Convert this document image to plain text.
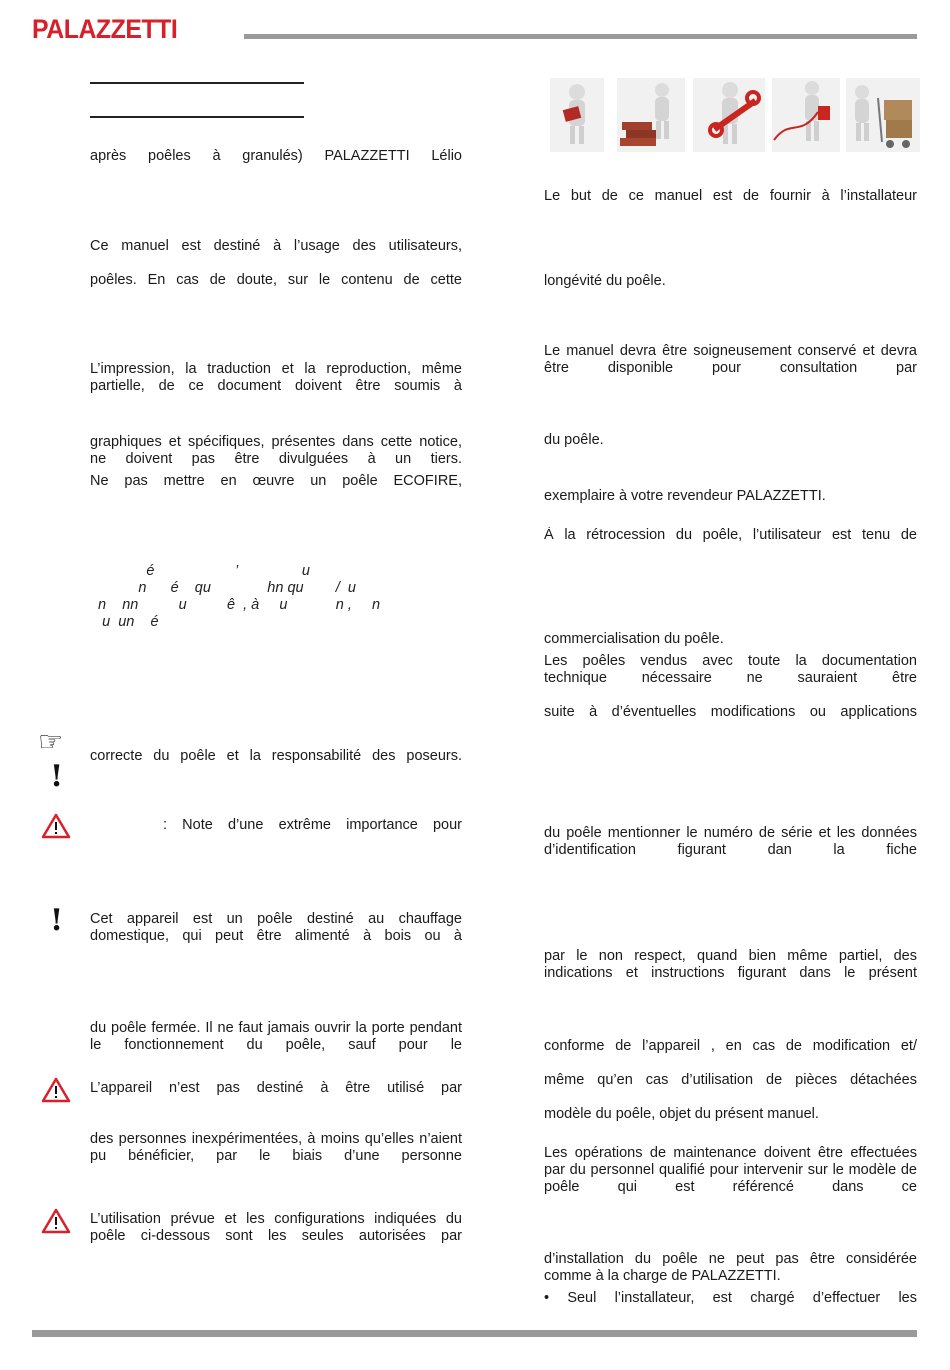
PALAZZETTI
après poêles à granulés) PALAZZETTI Lélio
Ce manuel est destiné à l’usage des utilisateurs,
poêles. En cas de doute, sur le contenu de cette
L’impression, la traduction et la reproduction, même partielle, de ce document doivent être soumis à
graphiques et spécifiques, présentes dans cette notice, ne doivent pas être divulguées à un tiers.
Ne pas mettre en œuvre un poêle ECOFIRE,
é                    ’                u
n      é    qu              hn qu        /  u
n    nn          u          ê  , à     u            n ,     n
u  un    é
☞
!
correcte du poêle et la responsabilité des poseurs.
: Note d’une extrême importance pour
! Cet appareil est un poêle destiné au chauffage domestique, qui peut être alimenté à bois ou à
du poêle fermée. Il ne faut jamais ouvrir la porte pendant le fonctionnement du poêle, sauf pour le
L’appareil n’est pas destiné à être utilisé par
des personnes inexpérimentées, à moins qu’elles n’aient pu bénéficier, par le biais d’une personne
L’utilisation prévue et les configurations indiquées du poêle ci-dessous sont les seules autorisées par
Le but de ce manuel est de fournir à l’installateur
longévité du poêle.
Le manuel devra être soigneusement conservé et devra être disponible pour consultation par
du poêle.
exemplaire à votre revendeur PALAZZETTI.
À la rétrocession du poêle, l’utilisateur est tenu de
commercialisation du poêle.
Les poêles vendus avec toute la documentation technique nécessaire ne sauraient être
suite à d’éventuelles modifications ou applications
du poêle mentionner le numéro de série et les données d’identification figurant dan la fiche
par le non respect, quand bien même partiel, des indications et instructions figurant dans le présent
conforme de l’appareil , en cas de modification et/
même qu’en cas d’utilisation de pièces détachées
modèle du poêle, objet du présent manuel.
Les opérations de maintenance doivent être effectuées par du personnel qualifié pour intervenir sur le modèle de poêle qui est référencé dans ce
d’installation du poêle ne peut pas être considérée comme à la charge de PALAZZETTI.
• Seul l’installateur, est chargé d’effectuer les
